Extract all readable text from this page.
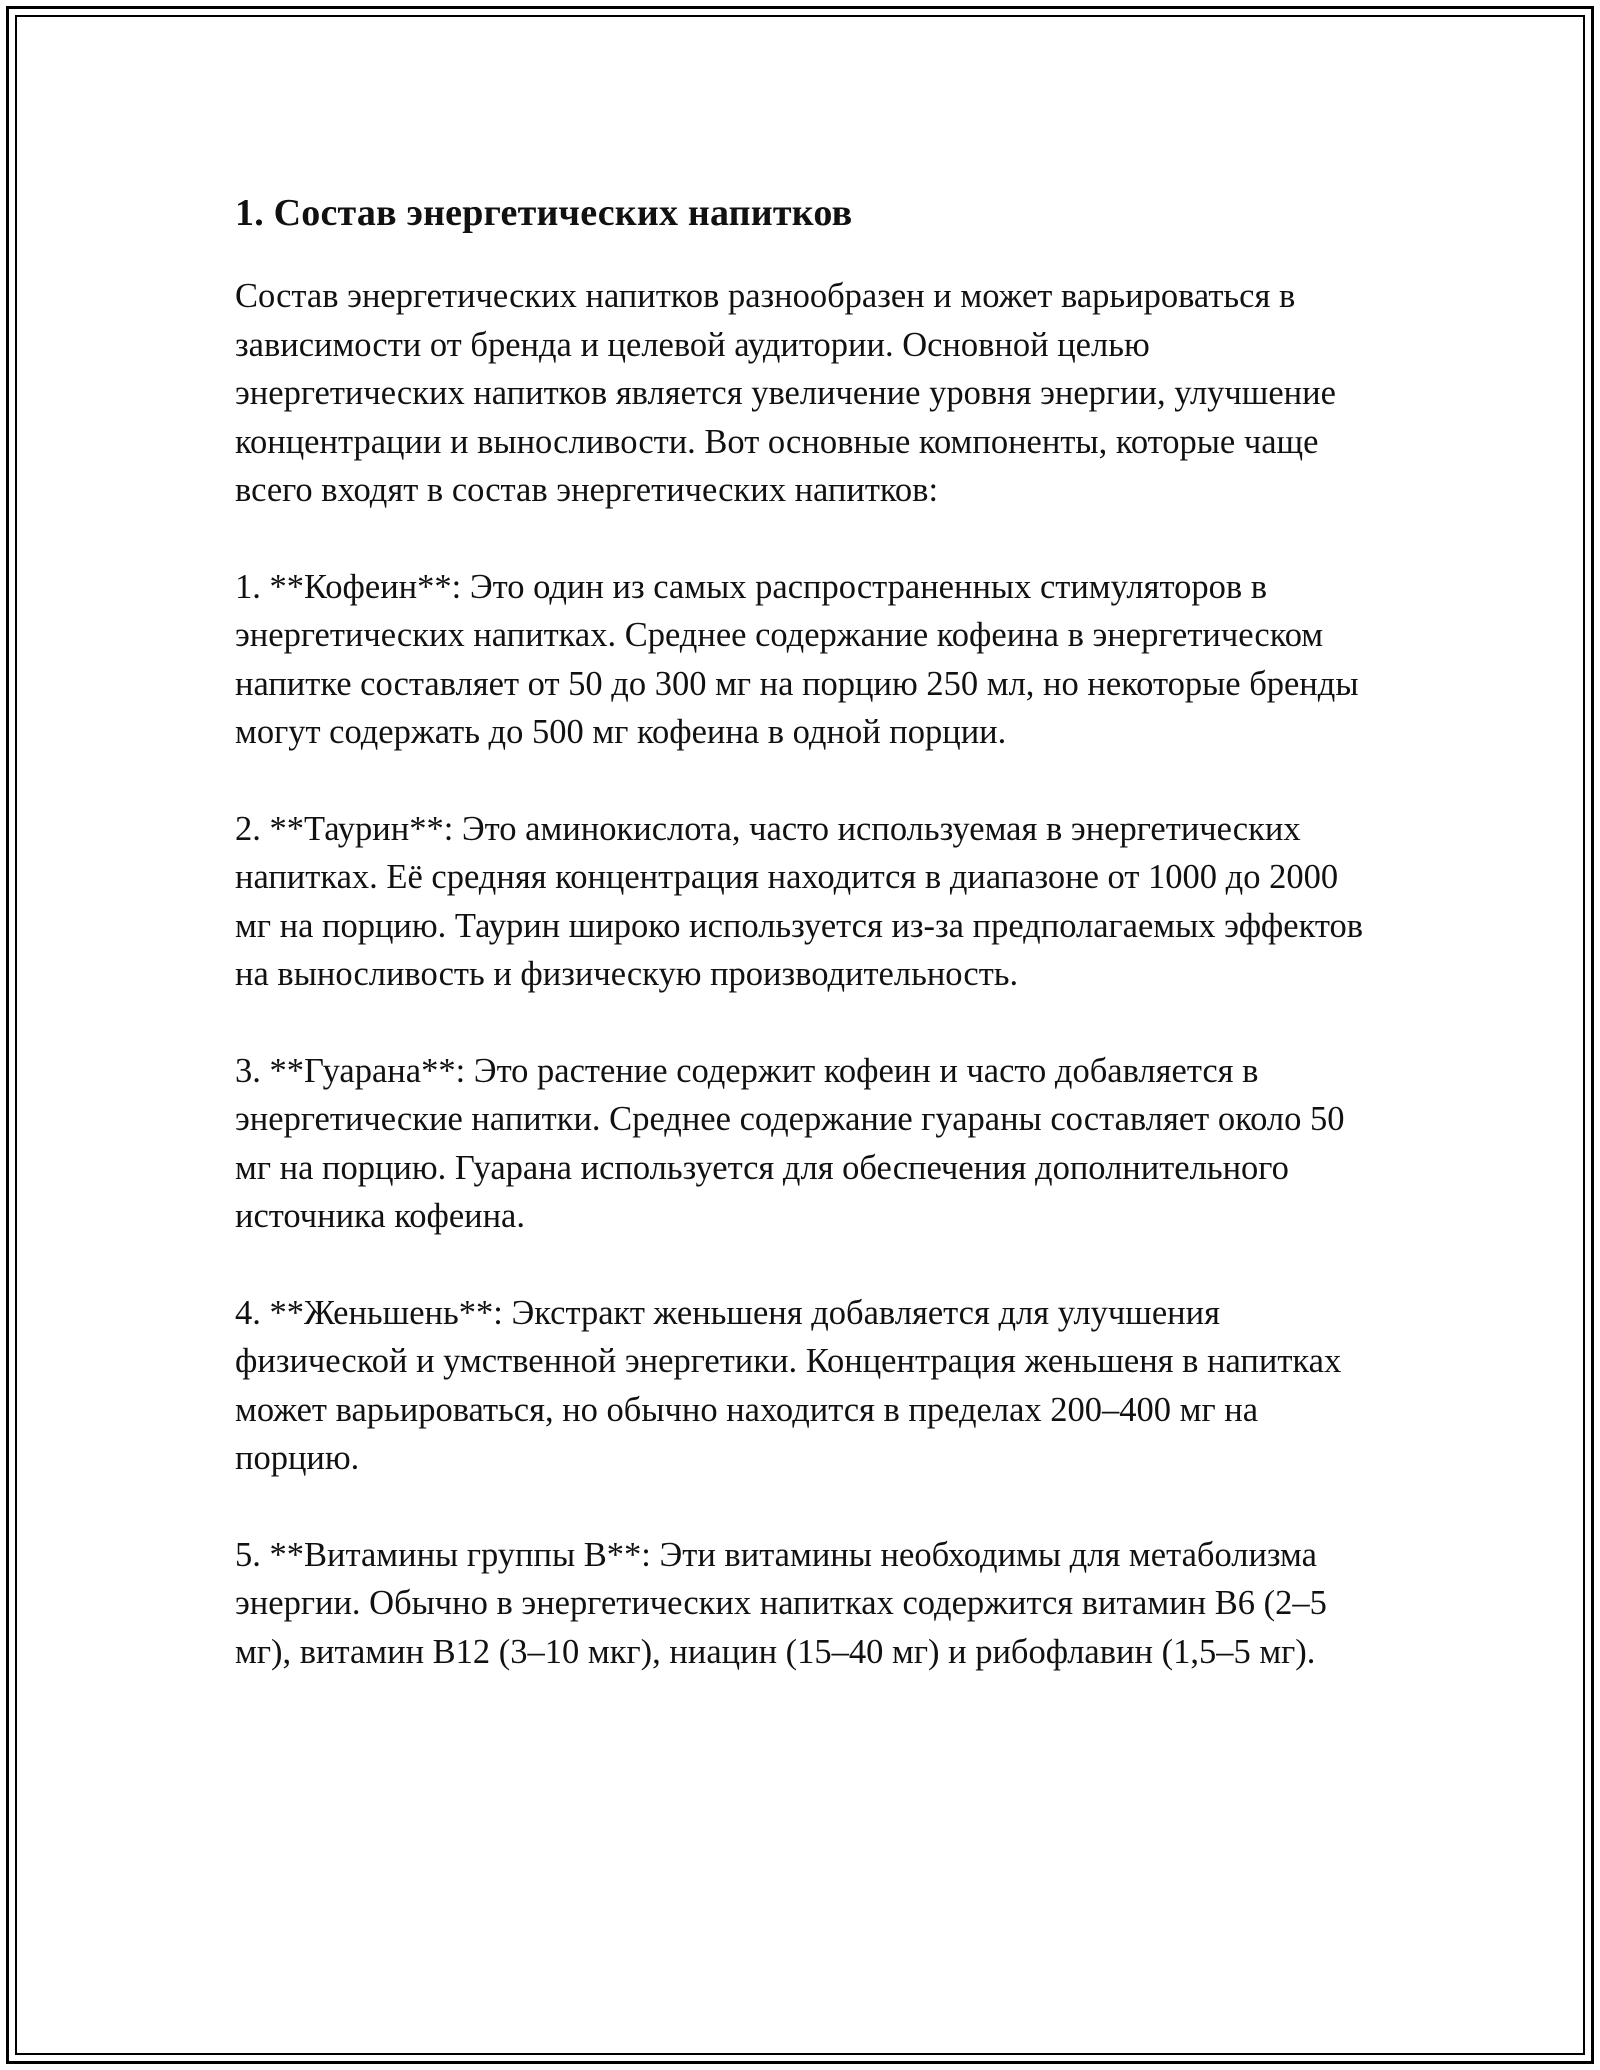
1. Состав энергетических напитков

Состав энергетических напитков разнообразен и может варьироваться в зависимости от бренда и целевой аудитории. Основной целью энергетических напитков является увеличение уровня энергии, улучшение концентрации и выносливости. Вот основные компоненты, которые чаще всего входят в состав энергетических напитков:

1. **Кофеин**: Это один из самых распространенных стимуляторов в энергетических напитках. Среднее содержание кофеина в энергетическом напитке составляет от 50 до 300 мг на порцию 250 мл, но некоторые бренды могут содержать до 500 мг кофеина в одной порции.

2. **Таурин**: Это аминокислота, часто используемая в энергетических напитках. Её средняя концентрация находится в диапазоне от 1000 до 2000 мг на порцию. Таурин широко используется из-за предполагаемых эффектов на выносливость и физическую производительность.

3. **Гуарана**: Это растение содержит кофеин и часто добавляется в энергетические напитки. Среднее содержание гуараны составляет около 50 мг на порцию. Гуарана используется для обеспечения дополнительного источника кофеина.

4. **Женьшень**: Экстракт женьшеня добавляется для улучшения физической и умственной энергетики. Концентрация женьшеня в напитках может варьироваться, но обычно находится в пределах 200–400 мг на порцию.

5. **Витамины группы B**: Эти витамины необходимы для метаболизма энергии. Обычно в энергетических напитках содержится витамин B6 (2–5 мг), витамин B12 (3–10 мкг), ниацин (15–40 мг) и рибофлавин (1,5–5 мг).
